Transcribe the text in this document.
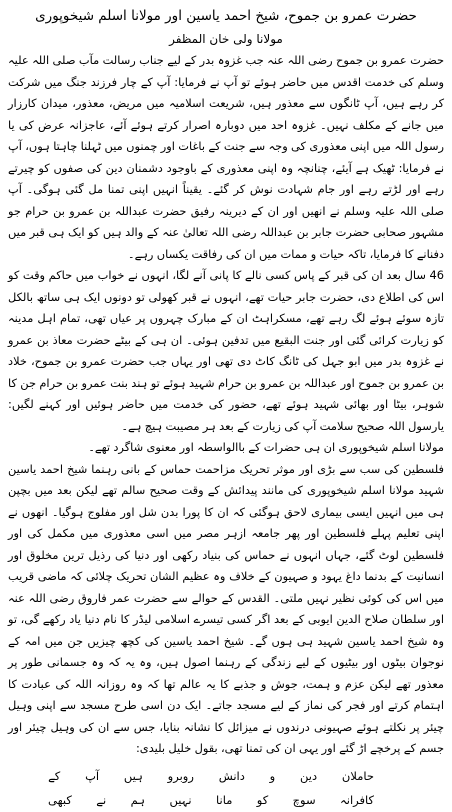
حضرت عمرو بن جموح، شیخ احمد یاسین اور مولانا اسلم شیخوپوری
مولانا ولی خان المظفر

حضرت عمرو بن جموح رضی اللہ عنہ جب غزوہ بدر کے لیے جناب رسالت مآب صلی اللہ علیہ وسلم کی خدمت اقدس میں حاضر ہوئے تو آپ نے فرمایا: آپ کے چار فرزند جنگ میں شرکت کر رہے ہیں، آپ ٹانگوں سے معذور ہیں، شریعت اسلامیہ میں مریض، معذور، میدان کارزار میں جانے کے مکلف نہیں۔ غزوہ احد میں دوبارہ اصرار کرتے ہوئے آئے، عاجزانہ عرض کی یا رسول اللہ میں اپنی معذوری کی وجہ سے جنت کے باغات اور چمنوں میں ٹہلنا چاہتا ہوں، آپ نے فرمایا: ٹھیک ہے آیئے، چنانچہ وہ اپنی معذوری کے باوجود دشمنان دین کی صفوں کو چیرتے رہے اور لڑتے رہے اور جام شہادت نوش کر گئے۔ یقیناً انہیں اپنی تمنا مل گئی ہوگی۔ آپ صلی اللہ علیہ وسلم نے انھیں اور ان کے دیرینہ رفیق حضرت عبداللہ بن عمرو بن حرام جو مشہور صحابی حضرت جابر بن عبداللہ رضی اللہ تعالیٰ عنہ کے والد ہیں کو ایک ہی قبر میں دفنانے کا فرمایا، تاکہ حیات و ممات میں ان کی رفاقت یکساں رہے۔

46 سال بعد ان کی قبر کے پاس کسی نالے کا پانی آنے لگا، انہوں نے خواب میں حاکم وقت کو اس کی اطلاع دی، حضرت جابر حیات تھے، انہوں نے قبر کھولی تو دونوں ایک ہی ساتھ بالکل تازہ سوئے ہوئے لگ رہے تھے، مسکراہٹ ان کے مبارک چہروں پر عیاں تھی، تمام اہل مدینہ کو زیارت کرائی گئی اور جنت البقیع میں تدفین ہوئی۔ ان ہی کے بیٹے حضرت معاذ بن عمرو نے غزوہ بدر میں ابو جہل کی ٹانگ کاٹ دی تھی اور یہاں جب حضرت عمرو بن جموح، خلاد بن عمرو بن جموح اور عبداللہ بن عمرو بن حرام شہید ہوئے تو ہند بنت عمرو بن حرام جن کا شوہر، بیٹا اور بھائی شہید ہوئے تھے، حضور کی خدمت میں حاضر ہوئیں اور کہنے لگیں: یارسول اللہ صحیح سلامت آپ کی زیارت کے بعد ہر مصیبت ہیچ ہے۔

مولانا اسلم شیخوپوری ان ہی حضرات کے باالواسطہ اور معنوی شاگرد تھے۔

فلسطین کی سب سے بڑی اور موثر تحریک مزاحمت حماس کے بانی رہنما شیخ احمد یاسین شہید مولانا اسلم شیخوپوری کی مانند پیدائش کے وقت صحیح سالم تھے لیکن بعد میں بچپن ہی میں انہیں ایسی بیماری لاحق ہوگئی کہ ان کا پورا بدن شل اور مفلوج ہوگیا۔ انھوں نے اپنی تعلیم پہلے فلسطین اور پھر جامعہ ازہر مصر میں اسی معذوری میں مکمل کی اور فلسطین لوٹ گئے، جہاں انہوں نے حماس کی بنیاد رکھی اور دنیا کی رذیل ترین مخلوق اور انسانیت کے بدنما داغ یہود و صہیون کے خلاف وہ عظیم الشان تحریک چلائی کہ ماضی قریب میں اس کی کوئی نظیر نہیں ملتی۔ القدس کے حوالے سے حضرت عمر فاروق رضی اللہ عنہ اور سلطان صلاح الدین ایوبی کے بعد اگر کسی تیسرے اسلامی لیڈر کا نام دنیا یاد رکھے گی، تو وہ شیخ احمد یاسین شہید ہی ہوں گے۔ شیخ احمد یاسین کی کچھ چیزیں جن میں امہ کے نوجوان بیٹوں اور بیٹیوں کے لیے زندگی کے رہنما اصول ہیں، وہ یہ کہ وہ جسمانی طور پر معذور تھے لیکن عزم و ہمت، جوش و جذبے کا یہ عالم تھا کہ وہ روزانہ اللہ کی عبادت کا اہتمام کرتے اور فجر کی نماز کے لیے مسجد جاتے۔ ایک دن اسی طرح مسجد سے اپنی وہیل چیئر پر نکلتے ہوئے صہیونی درندوں نے میزائل کا نشانہ بنایا، جس سے ان کی وہیل چیئر اور جسم کے پرخچے اڑ گئے اور یہی ان کی تمنا تھی، بقول خلیل بلیدی:

حاملان
دین
و
دانش
روبرو
ہیں
آپ
کے
کافرانہ
سوچ
کو
مانا
نہیں
ہم
نے
کبھی
